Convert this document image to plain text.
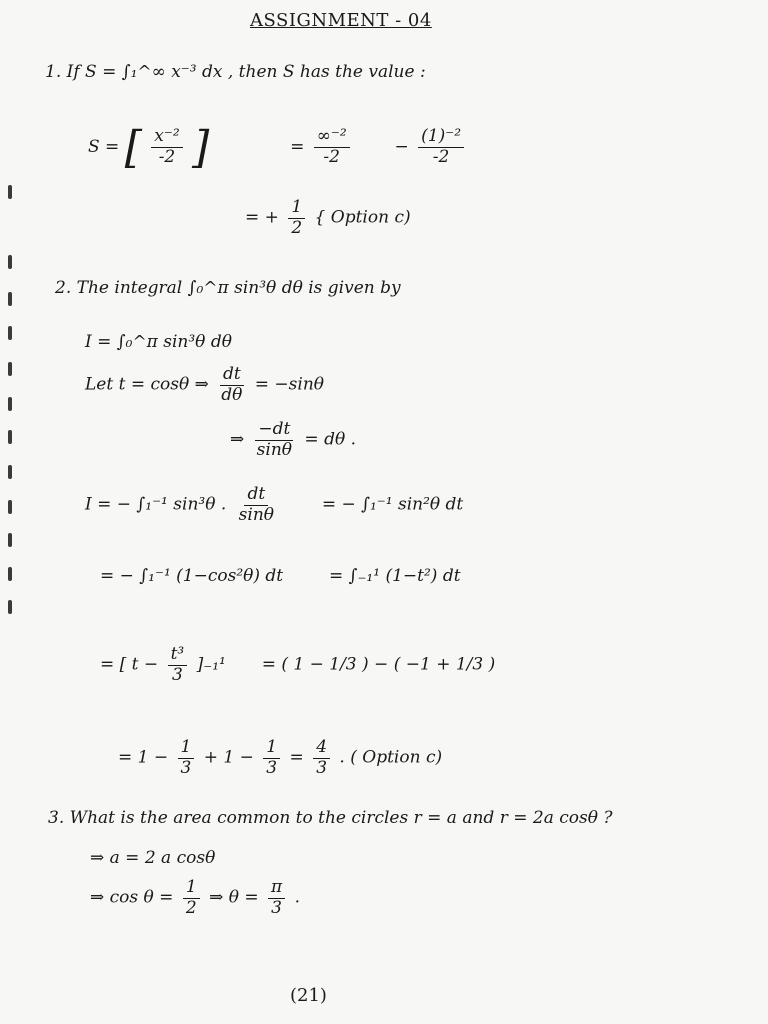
ASSIGNMENT - 04
1. If S = ∫₁^∞ x⁻³ dx , then S has the value :
S = [ $\frac{\text{x⁻²}}{-2}$ ]	= $\frac{\text{∞⁻²}}{-2}$	− $\frac{\text{(1)⁻²}}{-2}$
= + $\frac{1}{2}$ { Option c)
2. The integral ∫₀^π sin³θ dθ is given by
I = ∫₀^π sin³θ dθ
Let t = cosθ ⇒ $\frac{dt}{d\theta} = -\sin\theta$
⇒ $\frac{-dt}{\sin\theta} = d\theta$ .
I = − ∫₁⁻¹ sin³θ . $\frac{dt}{\sin\theta}$	= − ∫₁⁻¹ sin²θ dt
= − ∫₁⁻¹ (1−cos²θ) dt	= ∫₋₁¹ (1−t²) dt
= [ $t - \frac{\text{t³}}{3} ]_{-1}^1$ = ( 1 − 1/3 ) − ( −1 + 1/3 )
= $1 - \frac{1}{3} + 1 - \frac{1}{3} = \frac{4}{3}$ . ( Option c)
3. What is the area common to the circles r = a and r = 2a cosθ ?
⇒ a = 2 a cosθ
⇒ $\cos \theta = \frac{1}{2}$ ⇒ $\theta = \frac{\pi}{3}$ .
(21)
